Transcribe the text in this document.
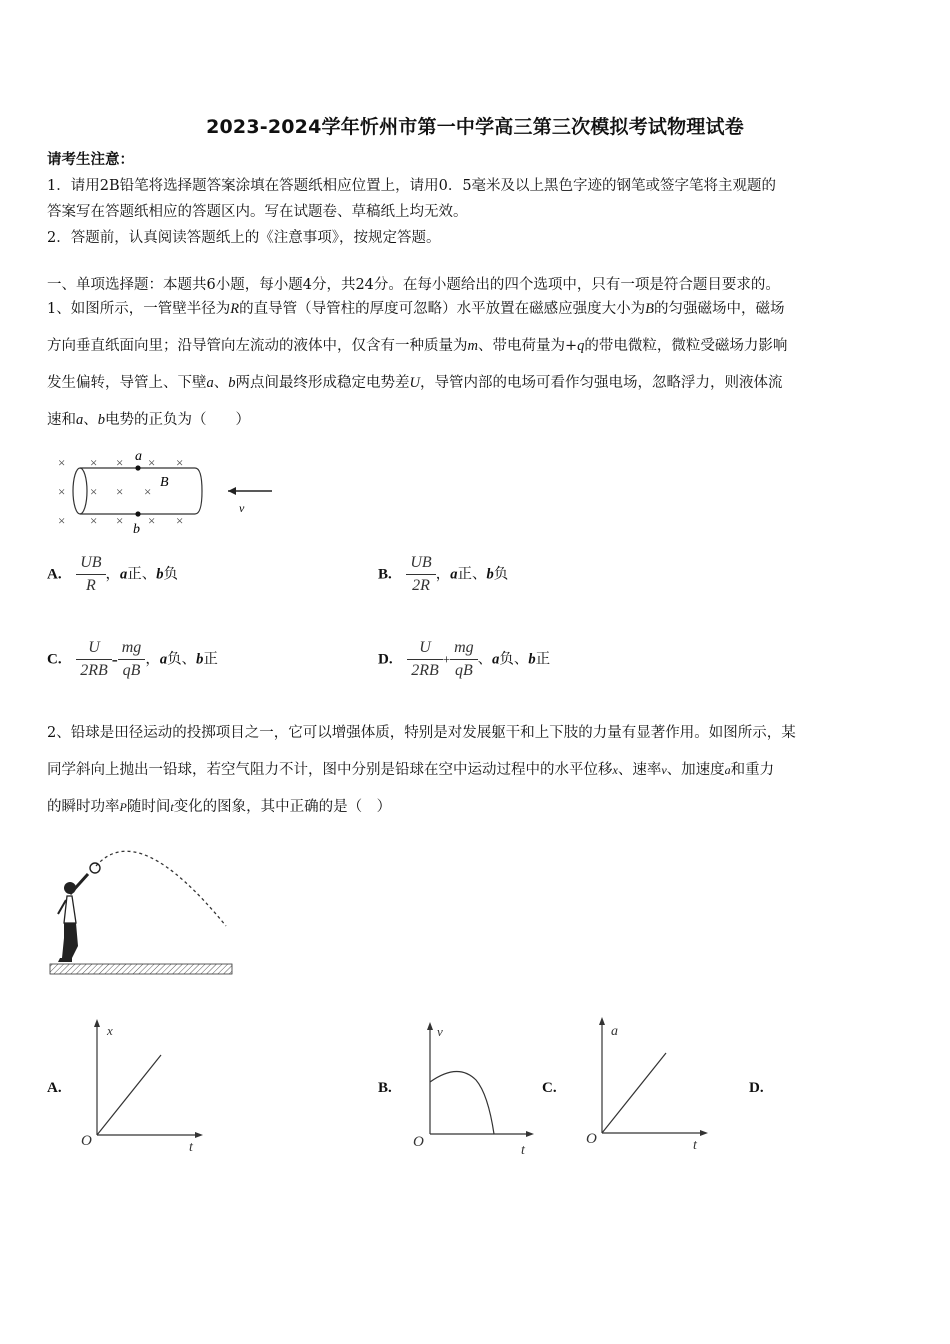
2023-2024学年忻州市第一中学高三第三次模拟考试物理试卷
请考生注意：
1．请用2B铅笔将选择题答案涂填在答题纸相应位置上，请用0．5毫米及以上黑色字迹的钢笔或签字笔将主观题的
答案写在答题纸相应的答题区内。写在试题卷、草稿纸上均无效。
2．答题前，认真阅读答题纸上的《注意事项》，按规定答题。
一、单项选择题：本题共6小题，每小题4分，共24分。在每小题给出的四个选项中，只有一项是符合题目要求的。
1、如图所示，一管壁半径为R的直导管（导管柱的厚度可忽略）水平放置在磁感应强度大小为B的匀强磁场中，磁场
方向垂直纸面向里；沿导管向左流动的液体中，仅含有一种质量为m、带电荷量为+q的带电微粒，微粒受磁场力影响
发生偏转，导管上、下壁a、b两点间最终形成稳定电势差U，导管内部的电场可看作匀强电场，忽略浮力，则液体流
速和a、b电势的正负为（　　）
× × × × ×
× × × ×
× × × × ×
a
b
B
v
A. $\frac{UB}{R}$ ，a正、b负	B. $\frac{UB}{2R}$ ，a正、b负
C. $\frac{U}{2RB} - \frac{mg}{qB}$ ，a负、b正	D. $\frac{U}{2RB} + \frac{mg}{qB}$ 、a负、b正
2、铅球是田径运动的投掷项目之一，它可以增强体质，特别是对发展躯干和上下肢的力量有显著作用。如图所示，某
同学斜向上抛出一铅球，若空气阻力不计，图中分别是铅球在空中运动过程中的水平位移$^x$、速率$^v$、加速度$^a$和重力
的瞬时功率$^P$随时间$^t$变化的图象，其中正确的是（　）
A.
x
t
O
B.
v
t
O
C.
a
t
O
D.
